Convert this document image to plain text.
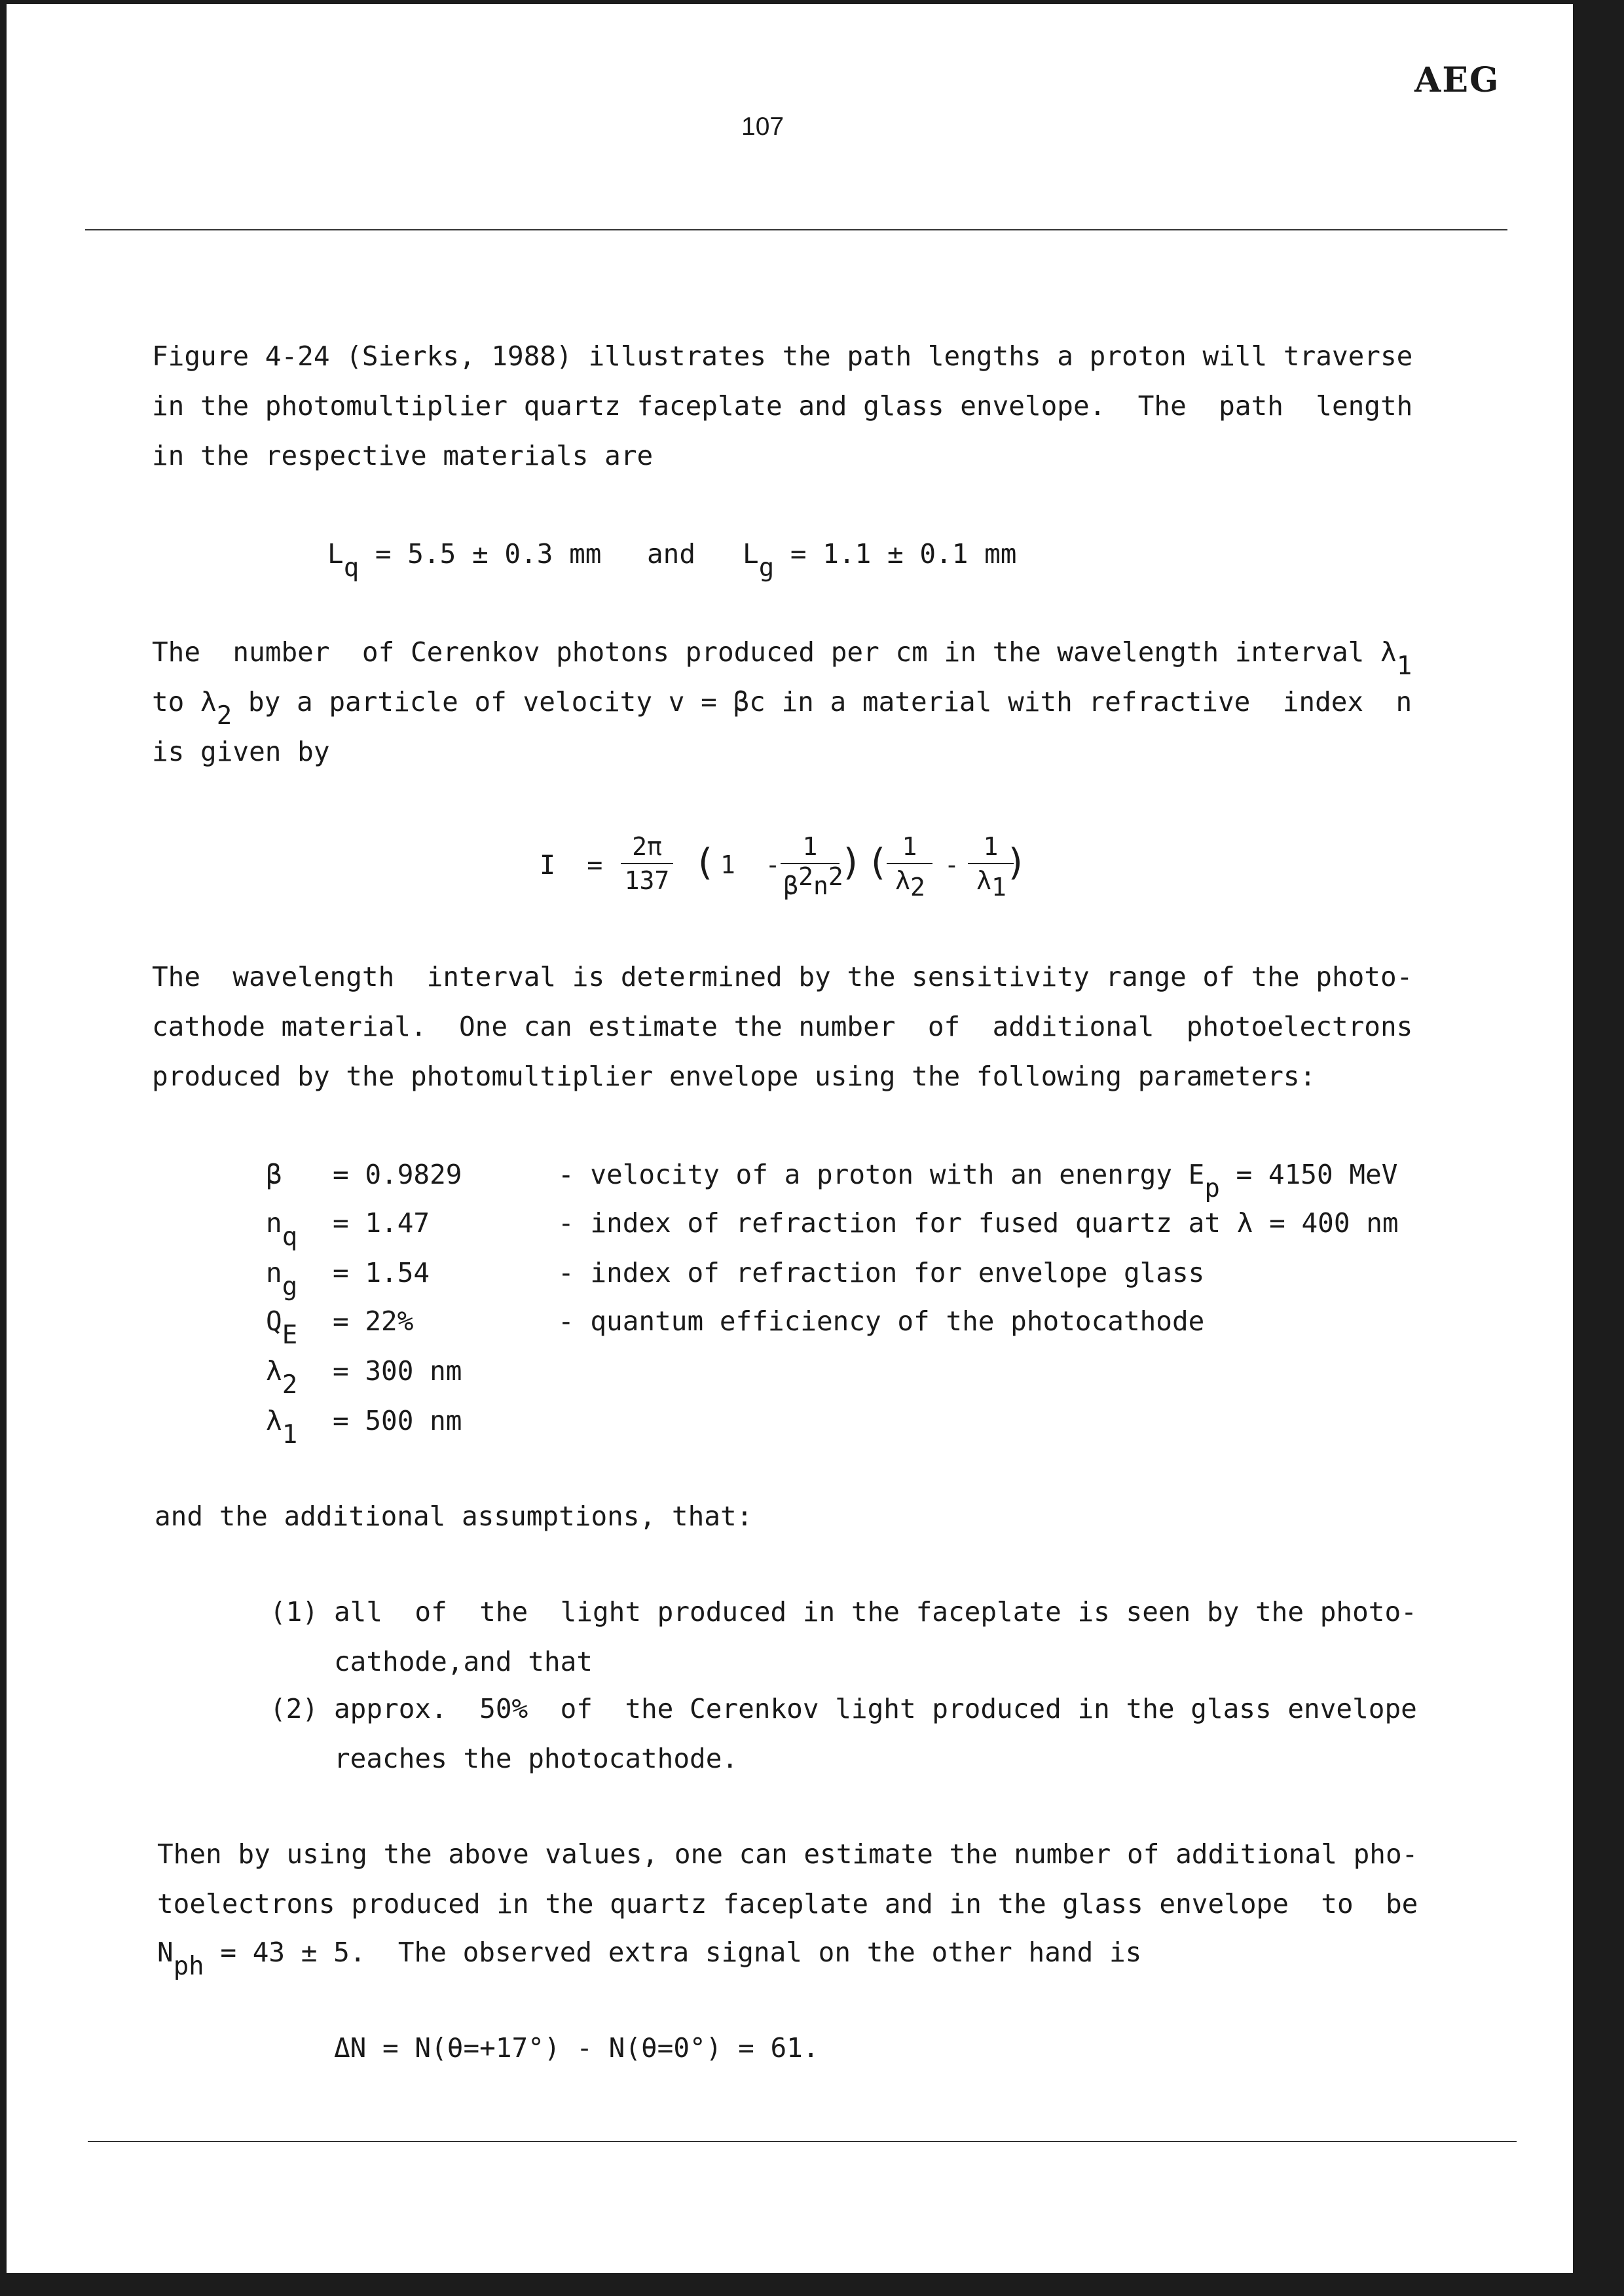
AEG
107
Figure 4-24 (Sierks, 1988) illustrates the path lengths a proton will traverse
in the photomultiplier quartz faceplate and glass envelope.  The  path  length
in the respective materials are
Lq = 5.5 ± 0.3 mm and Lg = 1.1 ± 0.1 mm
The  number  of Cerenkov photons produced per cm in the wavelength interval λ1
to λ2 by a particle of velocity v = βc in a material with refractive  index  n
is given by
I  =
2π
137 ( 1  -
1
β2n2 ) ( 1
λ2
-
1
λ1
)
The  wavelength  interval is determined by the sensitivity range of the photo-
cathode material.  One can estimate the number  of  additional  photoelectrons
produced by the photomultiplier envelope using the following parameters:
β = 0.9829	- velocity of a proton with an enenrgy Ep = 4150 MeV
nq = 1.47	- index of refraction for fused quartz at λ = 400 nm
ng = 1.54	- index of refraction for envelope glass
QE = 22%	- quantum efficiency of the photocathode
λ2 = 300 nm
λ1 = 500 nm
and the additional assumptions, that:
(1) all  of  the  light produced in the faceplate is seen by the photo-
cathode,and that
(2) approx.  50%  of  the Cerenkov light produced in the glass envelope
reaches the photocathode.
Then by using the above values, one can estimate the number of additional pho-
toelectrons produced in the quartz faceplate and in the glass envelope  to  be
Nph = 43 ± 5.  The observed extra signal on the other hand is
ΔN = N(θ=+17°) - N(θ=0°) = 61.
